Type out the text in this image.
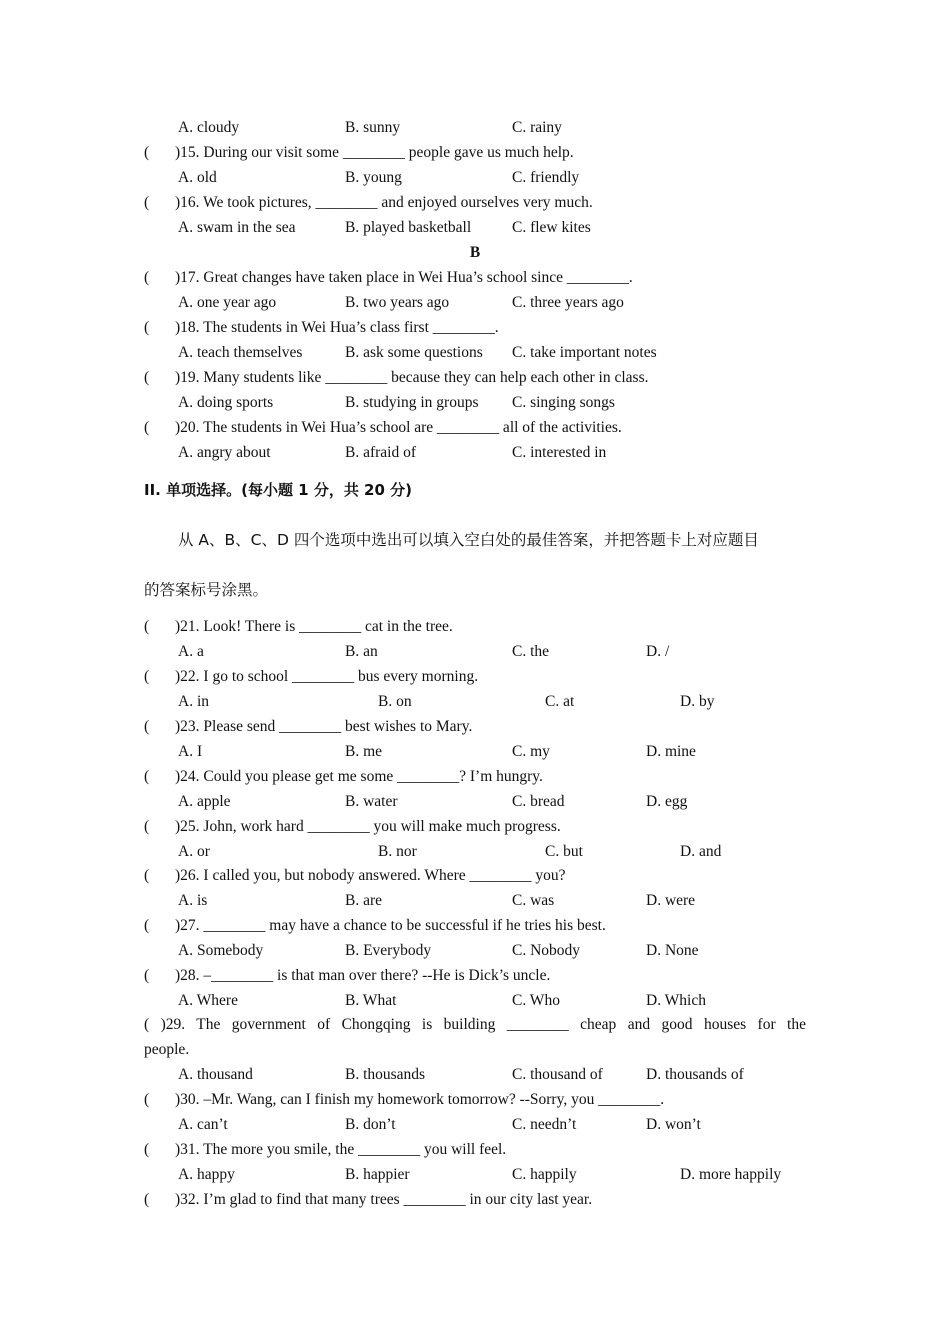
A. cloudy	B. sunny	C. rainy
( )15. During our visit some ________ people gave us much help.
A. old	B. young	C. friendly
( )16. We took pictures, ________ and enjoyed ourselves very much.
A. swam in the sea	B. played basketball	C. flew kites
B
( )17. Great changes have taken place in Wei Hua’s school since ________.
A. one year ago	B. two years ago	C. three years ago
( )18. The students in Wei Hua’s class first ________.
A. teach themselves	B. ask some questions C. take important notes
( )19. Many students like ________ because they can help each other in class.
A. doing sports	B. studying in groups C. singing songs
( )20. The students in Wei Hua’s school are ________ all of the activities.
A. angry about	B. afraid of	C. interested in
II. 单项选择。(每小题 1 分，共 20 分)
从 A、B、C、D 四个选项中选出可以填入空白处的最佳答案，并把答题卡上对应题目
的答案标号涂黑。
( )21. Look! There is ________ cat in the tree.
A. a	B. an	C. the	D. /
( )22. I go to school ________ bus every morning.
A. in	B. on	C. at	D. by
( )23. Please send ________ best wishes to Mary.
A. I	B. me	C. my	D. mine
( )24. Could you please get me some ________? I’m hungry.
A. apple	B. water	C. bread	D. egg
( )25. John, work hard ________ you will make much progress.
A. or	B. nor	C. but	D. and
( )26. I called you, but nobody answered. Where ________ you?
A. is	B. are	C. was	D. were
( )27. ________ may have a chance to be successful if he tries his best.
A. Somebody	B. Everybody	C. Nobody	D. None
( )28. –________ is that man over there? --He is Dick’s uncle.
A. Where	B. What	C. Who	D. Which
( )29. The government of Chongqing is building ________ cheap and good houses for the
people.
A. thousand	B. thousands	C. thousand of	D. thousands of
( )30. –Mr. Wang, can I finish my homework tomorrow? --Sorry, you ________.
A. can’t	B. don’t	C. needn’t	D. won’t
( )31. The more you smile, the ________ you will feel.
A. happy	B. happier	C. happily	D. more happily
( )32. I’m glad to find that many trees ________ in our city last year.
